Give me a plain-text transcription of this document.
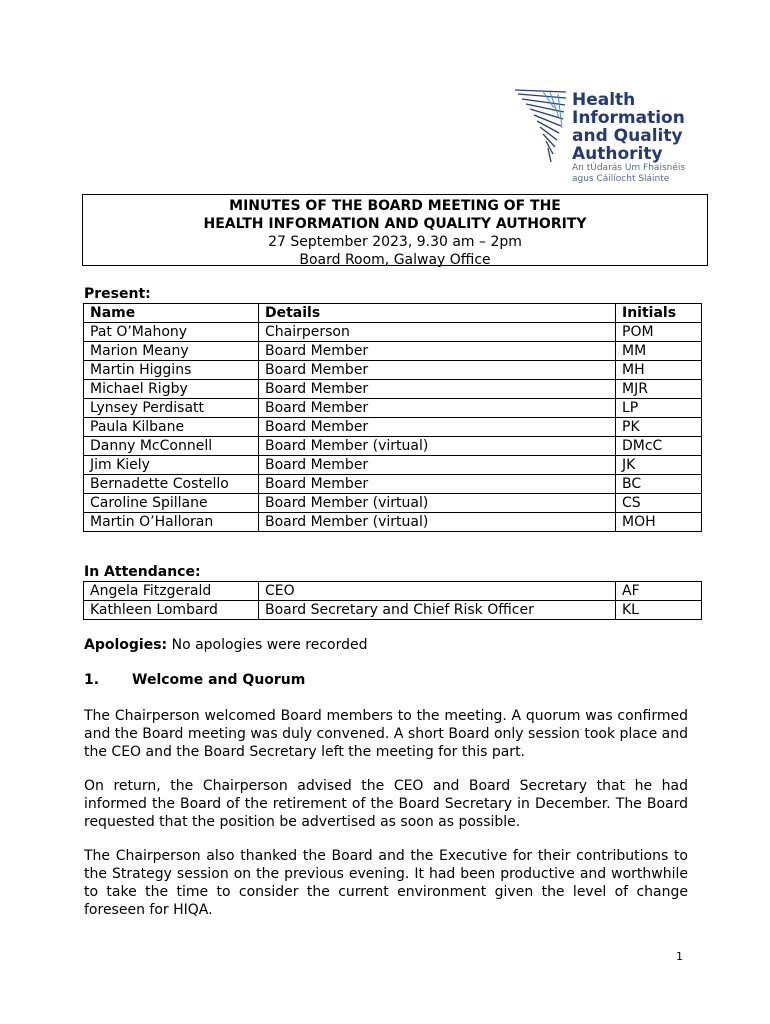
Health
Information
and Quality
Authority
An tÚdarás Um Fhaisnéis
agus Cáilíocht Sláinte
MINUTES OF THE BOARD MEETING OF THE
HEALTH INFORMATION AND QUALITY AUTHORITY
27 September 2023, 9.30 am – 2pm
Board Room, Galway Office
Present:
Name	Details	Initials
Pat O’Mahony	Chairperson	POM
Marion Meany	Board Member	MM
Martin Higgins	Board Member	MH
Michael Rigby	Board Member	MJR
Lynsey Perdisatt	Board Member	LP
Paula Kilbane	Board Member	PK
Danny McConnell	Board Member (virtual)	DMcC
Jim Kiely	Board Member	JK
Bernadette Costello	Board Member	BC
Caroline Spillane	Board Member (virtual)	CS
Martin O’Halloran	Board Member (virtual)	MOH
In Attendance:
Angela Fitzgerald	CEO	AF
Kathleen Lombard	Board Secretary and Chief Risk Officer	KL
Apologies: No apologies were recorded
1. Welcome and Quorum
The Chairperson welcomed Board members to the meeting. A quorum was confirmed and the Board meeting was duly convened. A short Board only session took place and the CEO and the Board Secretary left the meeting for this part.
On return, the Chairperson advised the CEO and Board Secretary that he had informed the Board of the retirement of the Board Secretary in December. The Board requested that the position be advertised as soon as possible.
The Chairperson also thanked the Board and the Executive for their contributions to the Strategy session on the previous evening. It had been productive and worthwhile to take the time to consider the current environment given the level of change foreseen for HIQA.
1
